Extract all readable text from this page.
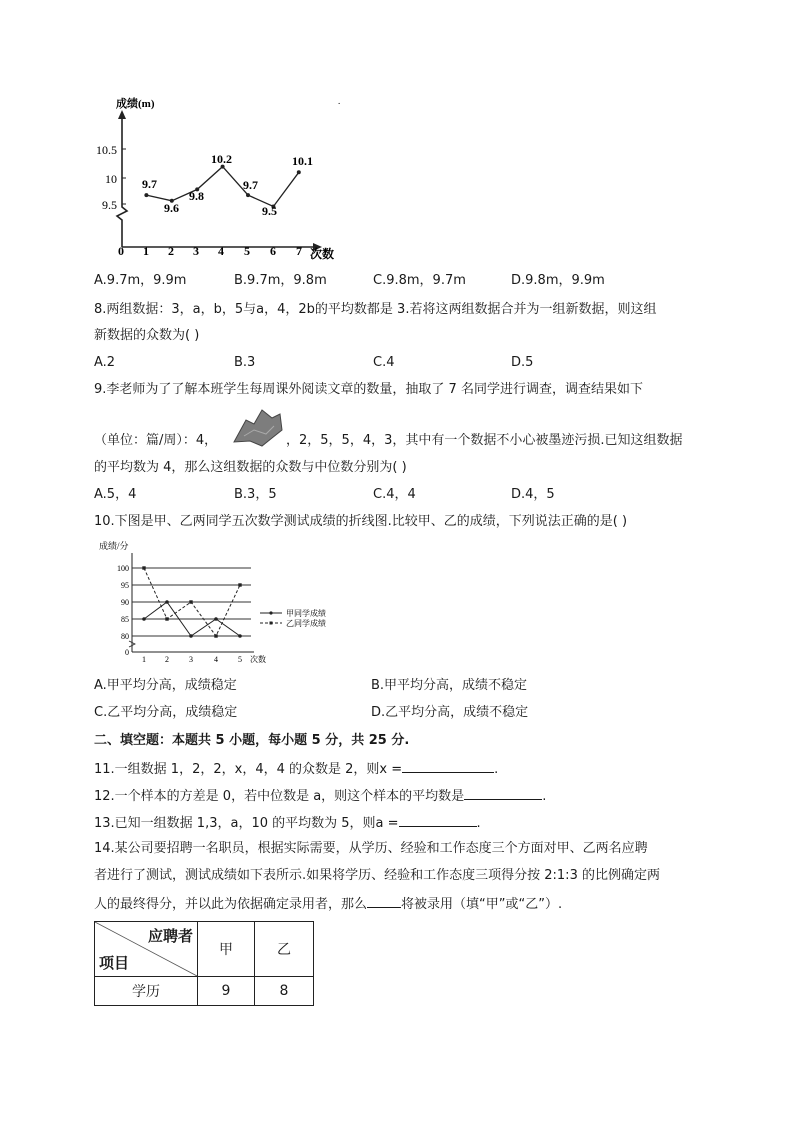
成绩(m)	.
10.5
10
9.5
0 1 2 3 4 5 6 7 次数
9.7
9.6
9.8
10.2
9.7
9.5
10.1
A.9.7m，9.9m	B.9.7m，9.8m	C.9.8m，9.7m	D.9.8m，9.9m
8.两组数据：3，a，b，5与a，4，2b的平均数都是 3.若将这两组数据合并为一组新数据，则这组
新数据的众数为( )
A.2	B.3	C.4	D.5
9.李老师为了了解本班学生每周课外阅读文章的数量，抽取了 7 名同学进行调查，调查结果如下
（单位：篇/周）：4，	，2，5，5，4，3，其中有一个数据不小心被墨迹污损.已知这组数据
的平均数为 4，那么这组数据的众数与中位数分别为( )
A.5，4	B.3，5	C.4，4	D.4，5
10.下图是甲、乙两同学五次数学测试成绩的折线图.比较甲、乙的成绩，下列说法正确的是( )
成绩/分
100
95
90
85
80
0
1 2	3	4	5 次数
甲同学成绩
乙同学成绩
A.甲平均分高，成绩稳定	B.甲平均分高，成绩不稳定
C.乙平均分高，成绩稳定	D.乙平均分高，成绩不稳定
二、填空题：本题共 5 小题，每小题 5 分，共 25 分.
11.一组数据 1，2，2，x，4，4 的众数是 2，则x =	.
12.一个样本的方差是 0，若中位数是 a，则这个样本的平均数是	.
13.已知一组数据 1,3，a，10 的平均数为 5，则a =	.
14.某公司要招聘一名职员，根据实际需要，从学历、经验和工作态度三个方面对甲、乙两名应聘
者进行了测试，测试成绩如下表所示.如果将学历、经验和工作态度三项得分按 2:1:3 的比例确定两
人的最终得分，并以此为依据确定录用者，那么	将被录用（填“甲”或“乙”）.
应聘者
项目	甲	乙
学历	9	8
